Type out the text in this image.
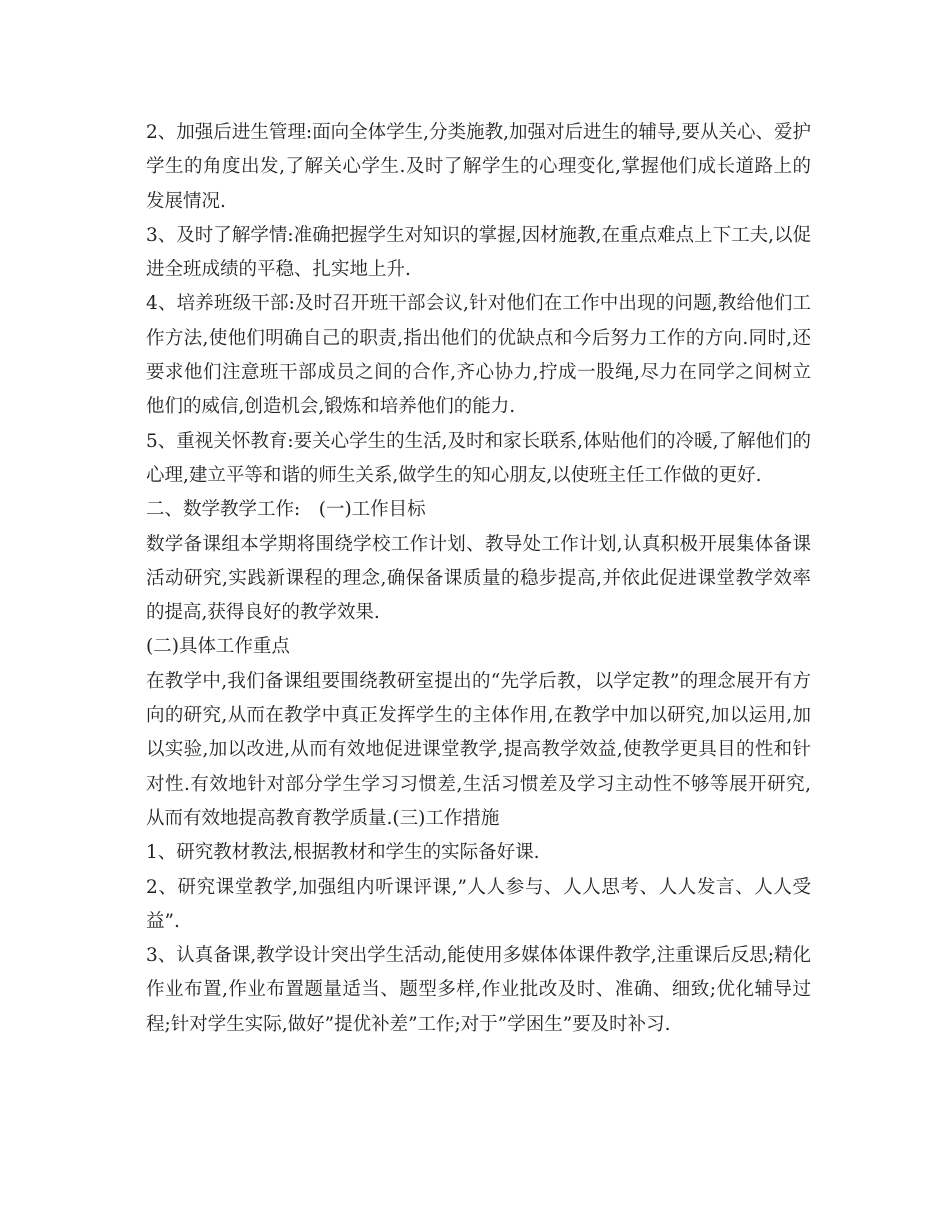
2、加强后进生管理:面向全体学生,分类施教,加强对后进生的辅导,要从关心、爱护学生的角度出发,了解关心学生.及时了解学生的心理变化,掌握他们成长道路上的发展情况.

3、及时了解学情:准确把握学生对知识的掌握,因材施教,在重点难点上下工夫,以促进全班成绩的平稳、扎实地上升.

4、培养班级干部:及时召开班干部会议,针对他们在工作中出现的问题,教给他们工作方法,使他们明确自己的职责,指出他们的优缺点和今后努力工作的方向.同时,还要求他们注意班干部成员之间的合作,齐心协力,拧成一股绳,尽力在同学之间树立他们的威信,创造机会,锻炼和培养他们的能力.

5、重视关怀教育:要关心学生的生活,及时和家长联系,体贴他们的冷暖,了解他们的心理,建立平等和谐的师生关系,做学生的知心朋友,以使班主任工作做的更好.

二、数学教学工作:　(一)工作目标

数学备课组本学期将围绕学校工作计划、教导处工作计划,认真积极开展集体备课活动研究,实践新课程的理念,确保备课质量的稳步提高,并依此促进课堂教学效率的提高,获得良好的教学效果.

(二)具体工作重点

在教学中,我们备课组要围绕教研室提出的“先学后教，以学定教”的理念展开有方向的研究,从而在教学中真正发挥学生的主体作用,在教学中加以研究,加以运用,加以实验,加以改进,从而有效地促进课堂教学,提高教学效益,使教学更具目的性和针对性.有效地针对部分学生学习习惯差,生活习惯差及学习主动性不够等展开研究,从而有效地提高教育教学质量.(三)工作措施

1、研究教材教法,根据教材和学生的实际备好课.

2、研究课堂教学,加强组内听课评课,”人人参与、人人思考、人人发言、人人受益”.

3、认真备课,教学设计突出学生活动,能使用多媒体体课件教学,注重课后反思;精化作业布置,作业布置题量适当、题型多样,作业批改及时、准确、细致;优化辅导过程;针对学生实际,做好”提优补差”工作;对于”学困生”要及时补习.
